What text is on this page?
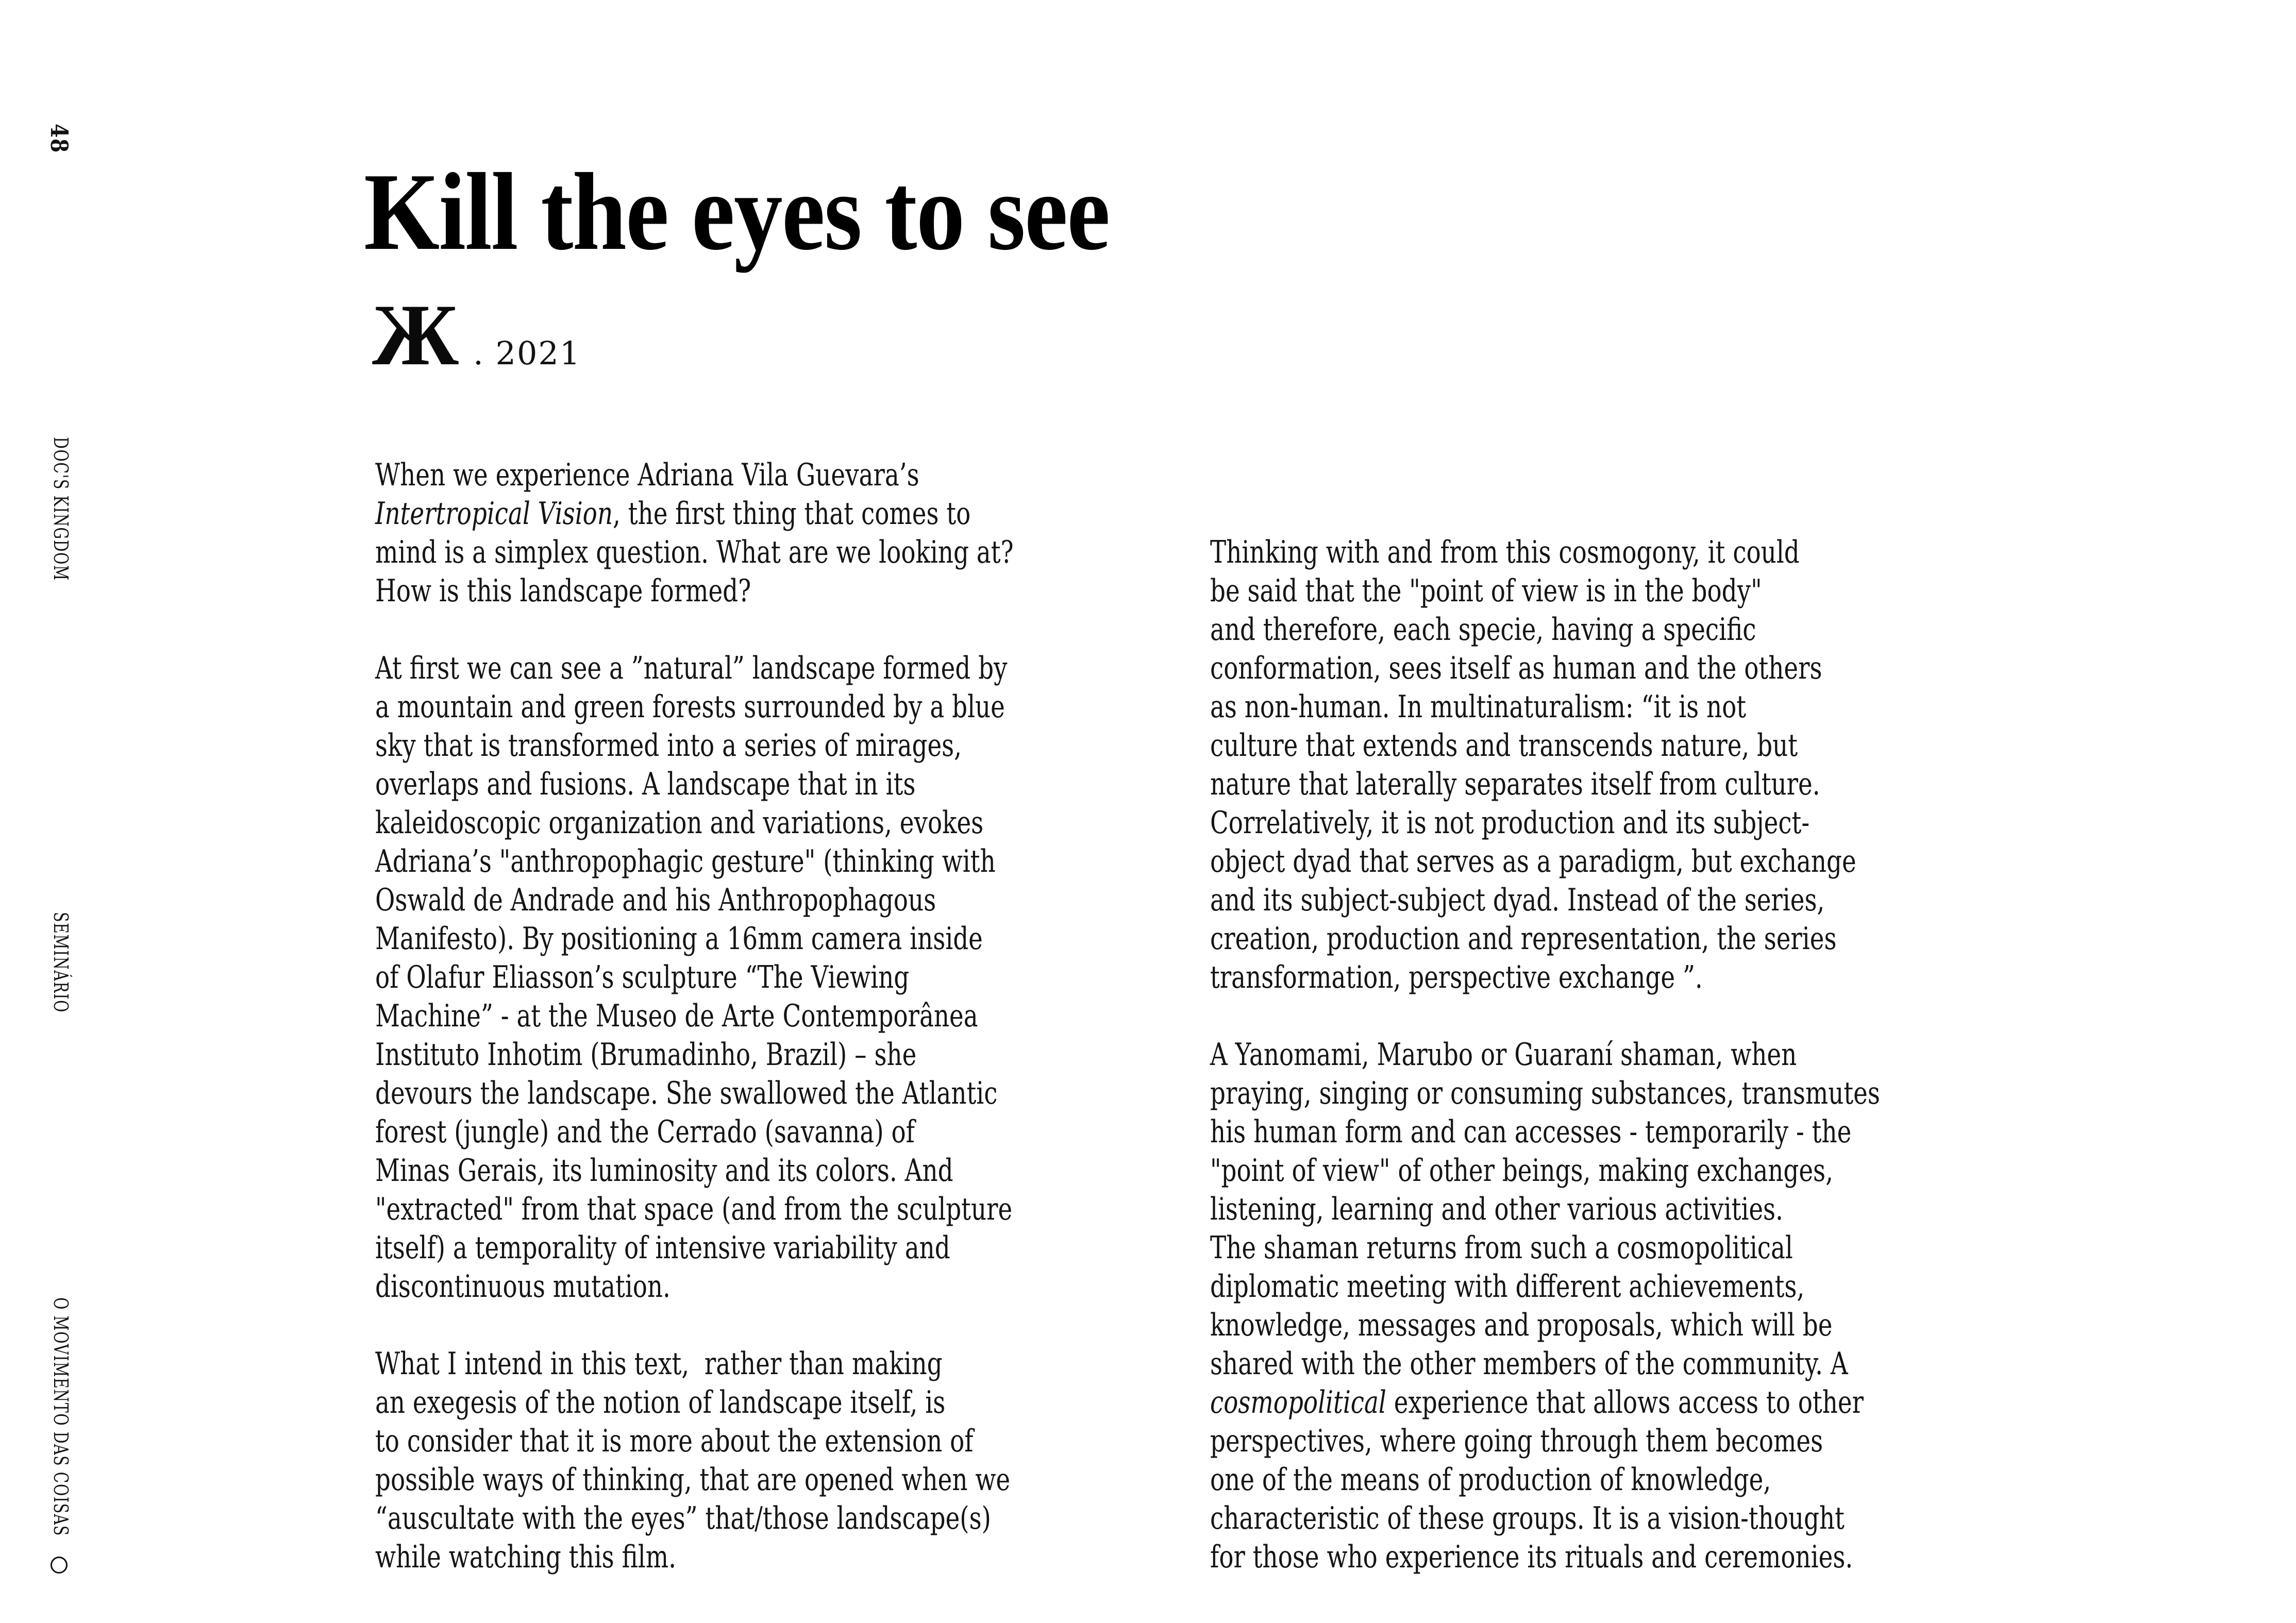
48
DOC'S KINGDOM
SEMINÁRIO
O MOVIMENTO DAS COISAS
Kill the eyes to see
Ж . 2021

When we experience Adriana Vila Guevara’s
Intertropical Vision, the first thing that comes to
mind is a simplex question. What are we looking at?
How is this landscape formed?

At first we can see a ”natural” landscape formed by
a mountain and green forests surrounded by a blue
sky that is transformed into a series of mirages,
overlaps and fusions. A landscape that in its
kaleidoscopic organization and variations, evokes
Adriana’s "anthropophagic gesture" (thinking with
Oswald de Andrade and his Anthropophagous
Manifesto). By positioning a 16mm camera inside
of Olafur Eliasson’s sculpture “The Viewing
Machine” - at the Museo de Arte Contemporânea
Instituto Inhotim (Brumadinho, Brazil) – she
devours the landscape. She swallowed the Atlantic
forest (jungle) and the Cerrado (savanna) of
Minas Gerais, its luminosity and its colors. And
"extracted" from that space (and from the sculpture
itself) a temporality of intensive variability and
discontinuous mutation.

What I intend in this text,  rather than making
an exegesis of the notion of landscape itself, is
to consider that it is more about the extension of
possible ways of thinking, that are opened when we
“auscultate with the eyes” that/those landscape(s)
while watching this film.

Thinking with and from this cosmogony, it could
be said that the "point of view is in the body"
and therefore, each specie, having a specific
conformation, sees itself as human and the others
as non-human. In multinaturalism: “it is not
culture that extends and transcends nature, but
nature that laterally separates itself from culture.
Correlatively, it is not production and its subject-
object dyad that serves as a paradigm, but exchange
and its subject-subject dyad. Instead of the series,
creation, production and representation, the series
transformation, perspective exchange ”.

A Yanomami, Marubo or Guaraní shaman, when
praying, singing or consuming substances, transmutes
his human form and can accesses - temporarily - the
"point of view" of other beings, making exchanges,
listening, learning and other various activities.
The shaman returns from such a cosmopolitical
diplomatic meeting with different achievements,
knowledge, messages and proposals, which will be
shared with the other members of the community. A
cosmopolitical experience that allows access to other
perspectives, where going through them becomes
one of the means of production of knowledge,
characteristic of these groups. It is a vision-thought
for those who experience its rituals and ceremonies.
